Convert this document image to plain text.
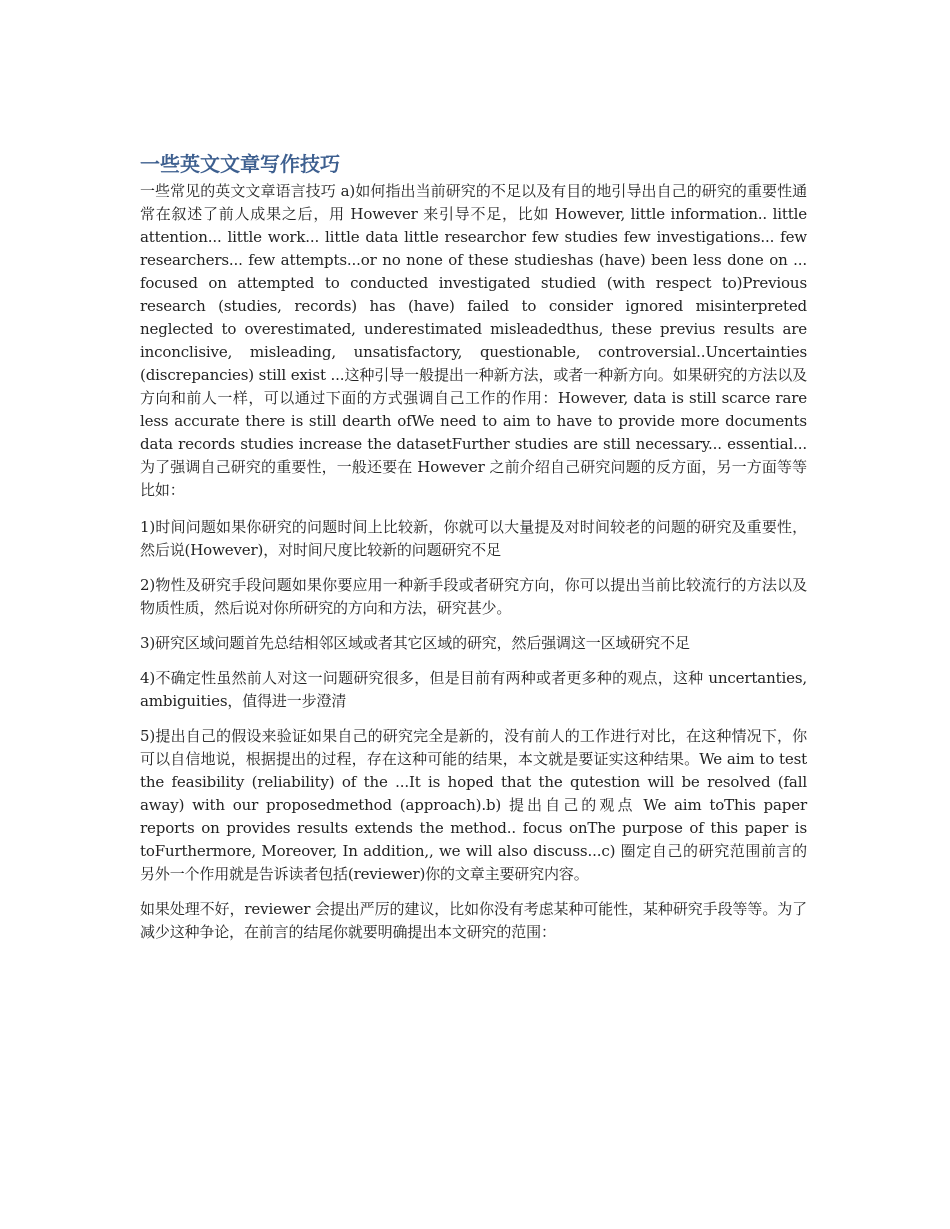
一些英文文章写作技巧

一些常见的英文文章语言技巧 a)如何指出当前研究的不足以及有目的地引导出自己的研究的重要性通常在叙述了前人成果之后，用 However 来引导不足，比如 However, little information.. little attention... little work... little data little researchor few studies few investigations... few researchers... few attempts...or no none of these studieshas (have) been less done on ... focused on attempted to conducted investigated studied (with respect to)Previous research (studies, records) has (have) failed to consider ignored misinterpreted neglected to overestimated, underestimated misleadedthus, these previus results are inconclisive, misleading, unsatisfactory, questionable, controversial..Uncertainties (discrepancies) still exist ...这种引导一般提出一种新方法，或者一种新方向。如果研究的方法以及方向和前人一样，可以通过下面的方式强调自己工作的作用：However, data is still scarce rare less accurate there is still dearth ofWe need to aim to have to provide more documents data records studies increase the datasetFurther studies are still necessary... essential...为了强调自己研究的重要性，一般还要在 However 之前介绍自己研究问题的反方面，另一方面等等比如：

1)时间问题如果你研究的问题时间上比较新，你就可以大量提及对时间较老的问题的研究及重要性，然后说(However)，对时间尺度比较新的问题研究不足

2)物性及研究手段问题如果你要应用一种新手段或者研究方向，你可以提出当前比较流行的方法以及物质性质，然后说对你所研究的方向和方法，研究甚少。

3)研究区域问题首先总结相邻区域或者其它区域的研究，然后强调这一区域研究不足

4)不确定性虽然前人对这一问题研究很多，但是目前有两种或者更多种的观点，这种 uncertanties, ambiguities，值得进一步澄清

5)提出自己的假设来验证如果自己的研究完全是新的，没有前人的工作进行对比，在这种情况下，你可以自信地说，根据提出的过程，存在这种可能的结果，本文就是要证实这种结果。We aim to test the feasibility (reliability) of the ...It is hoped that the qutestion will be resolved (fall away) with our proposedmethod (approach).b) 提出自己的观点 We aim toThis paper reports on provides results extends the method.. focus onThe purpose of this paper is toFurthermore, Moreover, In addition,, we will also discuss...c) 圈定自己的研究范围前言的另外一个作用就是告诉读者包括(reviewer)你的文章主要研究内容。

如果处理不好，reviewer 会提出严厉的建议，比如你没有考虑某种可能性，某种研究手段等等。为了减少这种争论，在前言的结尾你就要明确提出本文研究的范围：
